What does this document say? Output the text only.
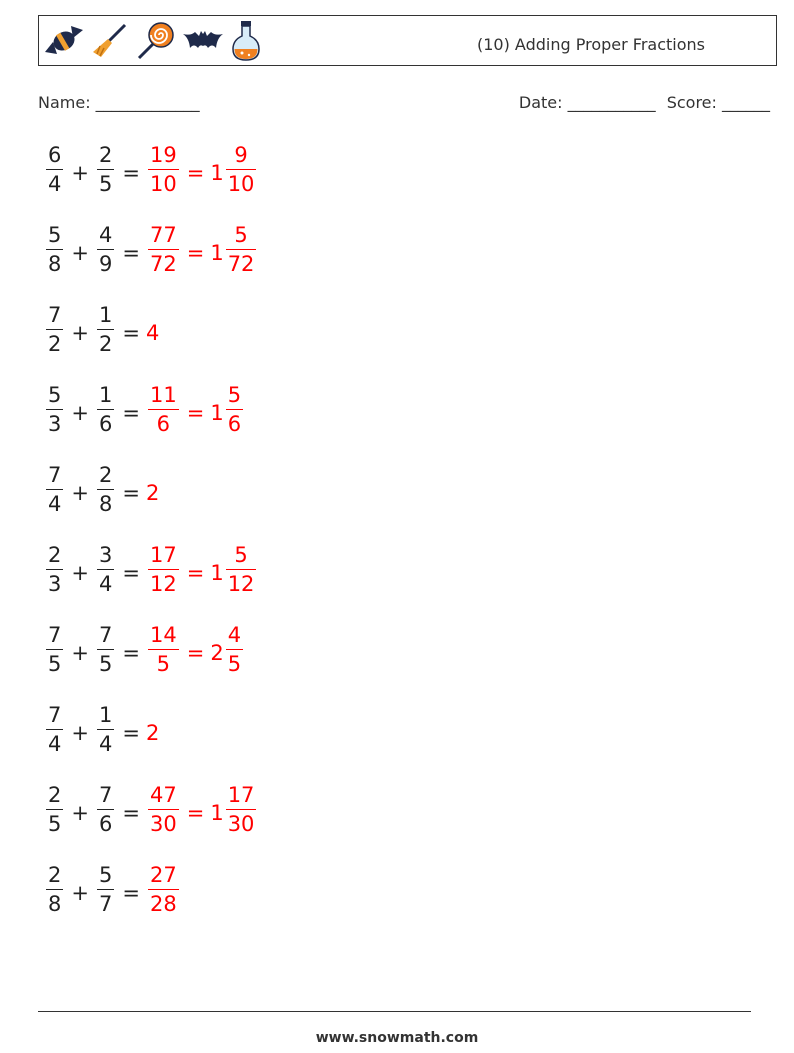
(10) Adding Proper Fractions
Name: _____________	Date: ___________ Score: ______
$\frac{6}{4} + \frac{2}{5} = \frac{19}{10} = 1 \frac{9}{10}$
$\frac{5}{8} + \frac{4}{9} = \frac{77}{72} = 1 \frac{5}{72}$
$\frac{7}{2} + \frac{1}{2} = 4$
$\frac{5}{3} + \frac{1}{6} = \frac{11}{6} = 1 \frac{5}{6}$
$\frac{7}{4} + \frac{2}{8} = 2$
$\frac{2}{3} + \frac{3}{4} = \frac{17}{12} = 1 \frac{5}{12}$
$\frac{7}{5} + \frac{7}{5} = \frac{14}{5} = 2 \frac{4}{5}$
$\frac{7}{4} + \frac{1}{4} = 2$
$\frac{2}{5} + \frac{7}{6} = \frac{47}{30} = 1 \frac{17}{30}$
$\frac{2}{8} + \frac{5}{7} = \frac{27}{28}$
www.snowmath.com
